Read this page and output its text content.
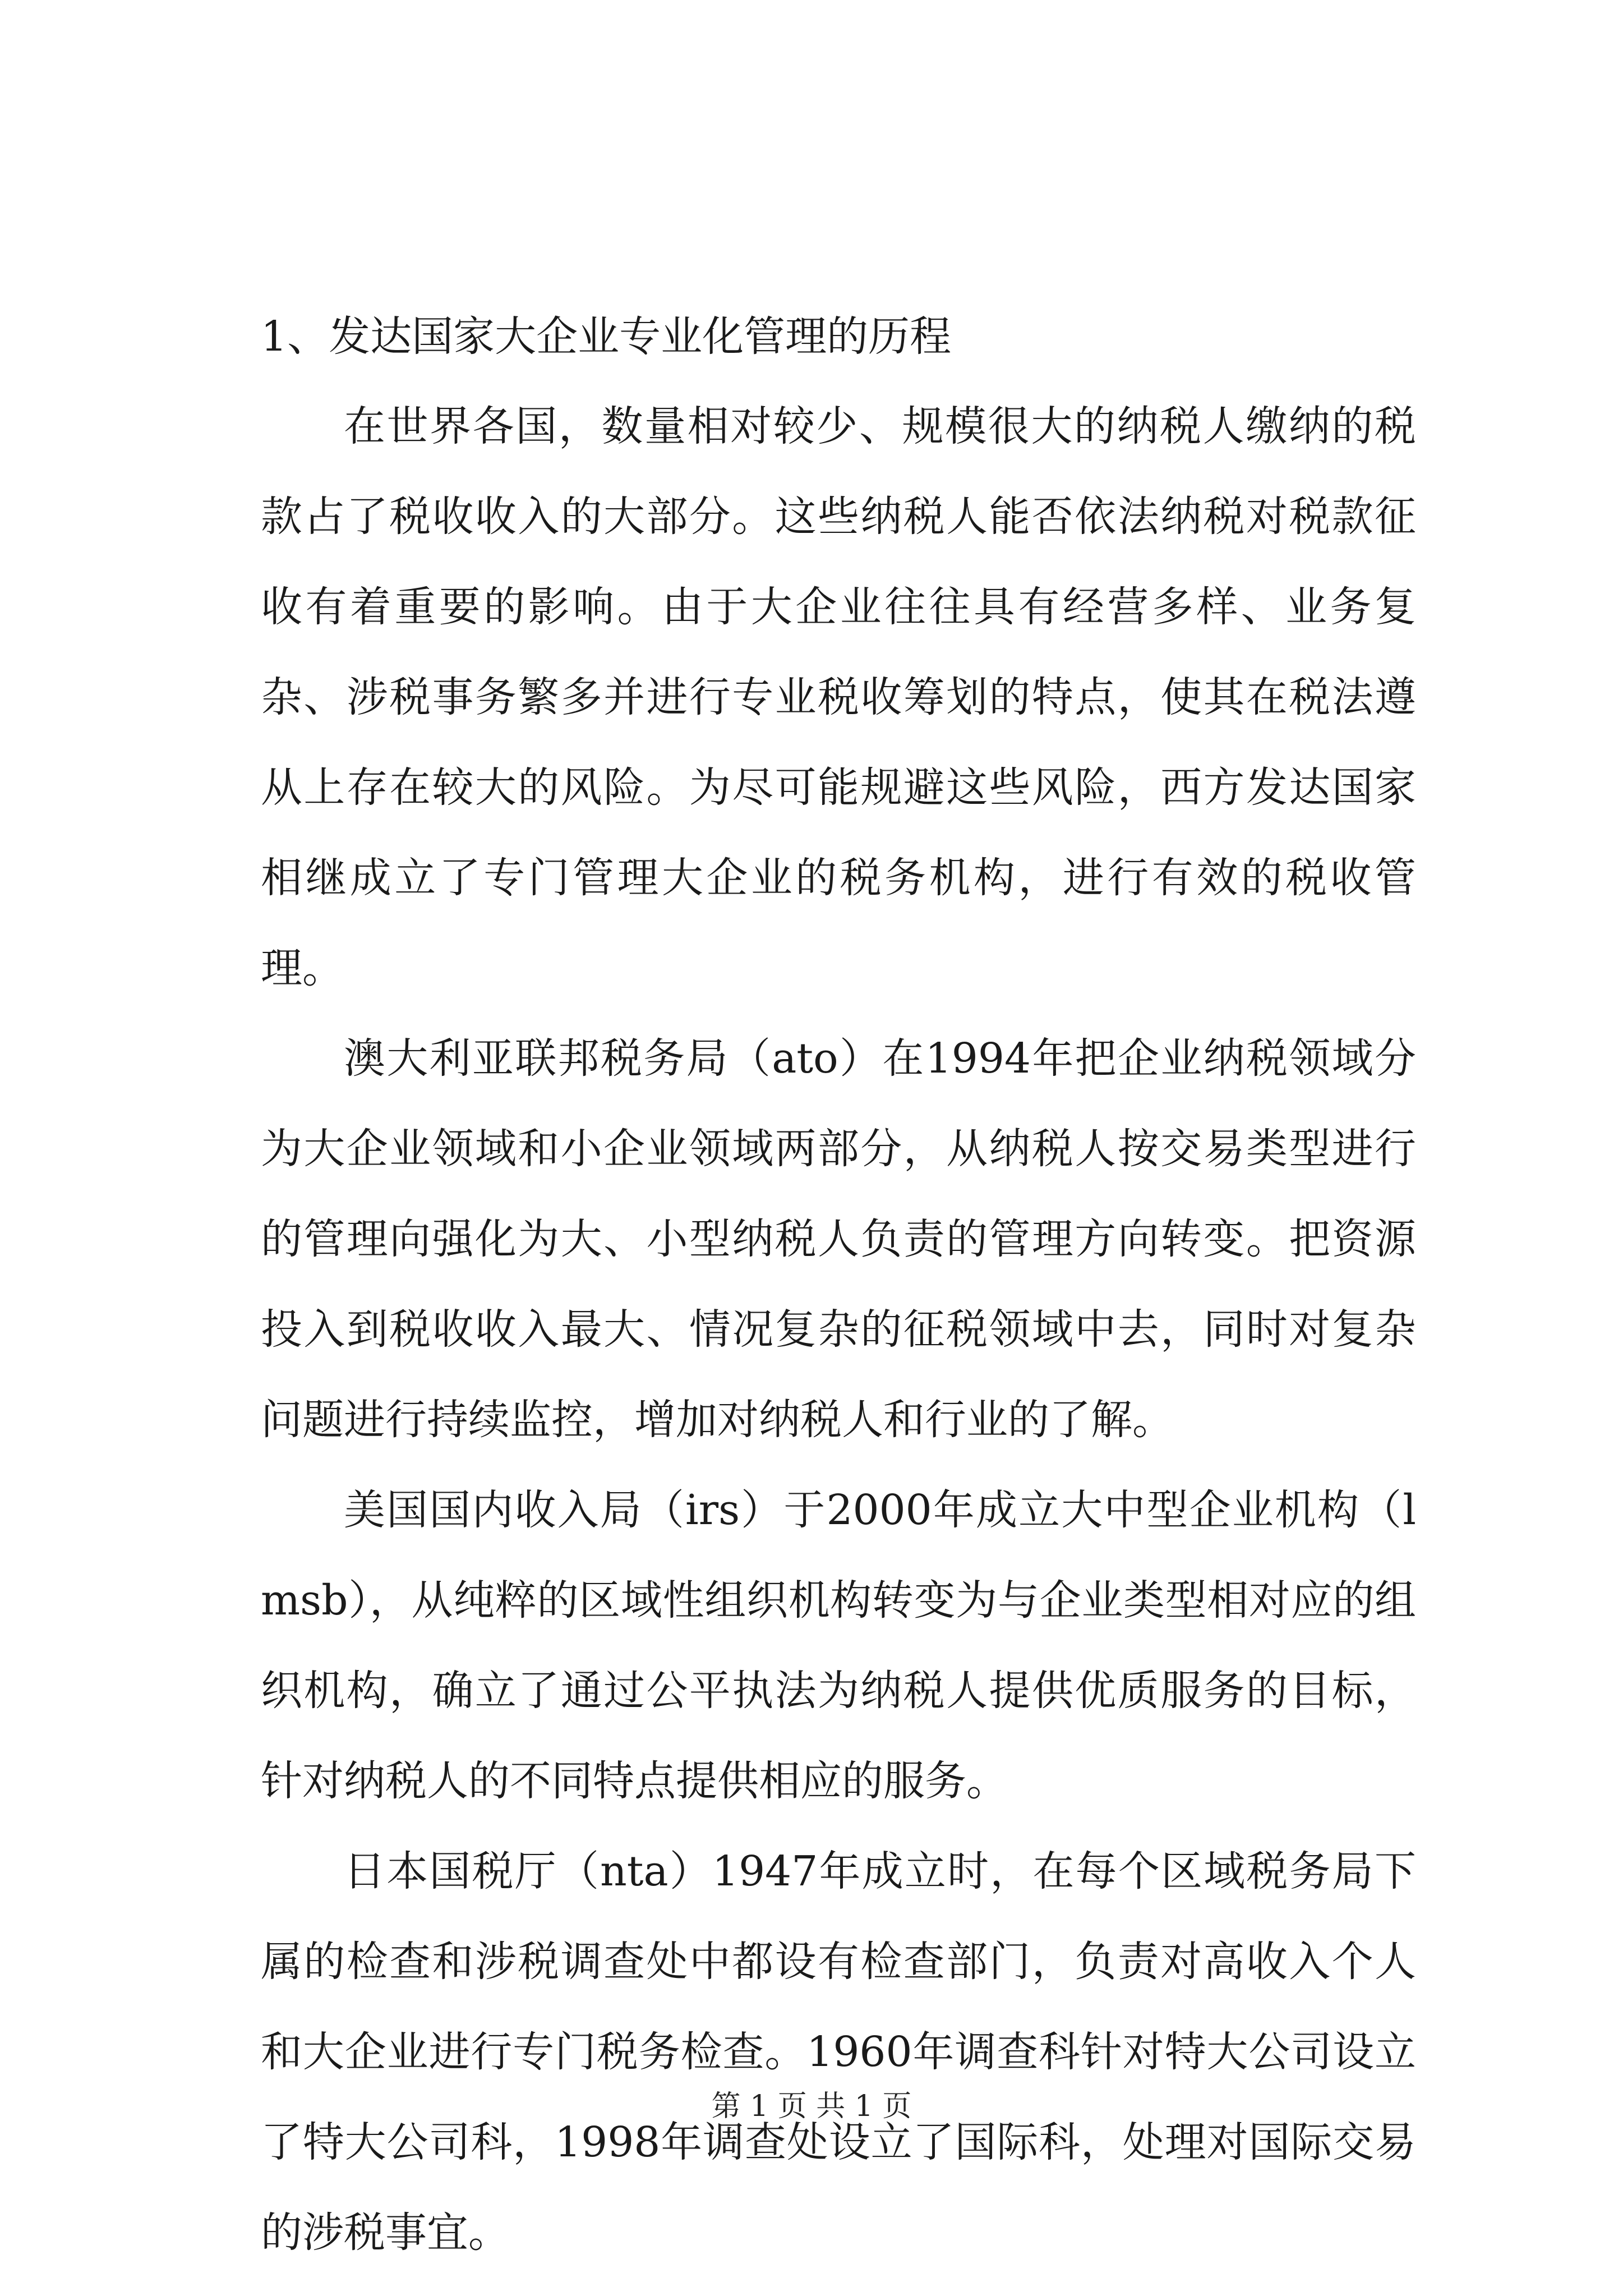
1、发达国家大企业专业化管理的历程

在世界各国，数量相对较少、规模很大的纳税人缴纳的税款占了税收收入的大部分。这些纳税人能否依法纳税对税款征收有着重要的影响。由于大企业往往具有经营多样、业务复杂、涉税事务繁多并进行专业税收筹划的特点，使其在税法遵从上存在较大的风险。为尽可能规避这些风险，西方发达国家相继成立了专门管理大企业的税务机构，进行有效的税收管理。

澳大利亚联邦税务局（ato）在1994年把企业纳税领域分为大企业领域和小企业领域两部分，从纳税人按交易类型进行的管理向强化为大、小型纳税人负责的管理方向转变。把资源投入到税收收入最大、情况复杂的征税领域中去，同时对复杂问题进行持续监控，增加对纳税人和行业的了解。

美国国内收入局（irs）于2000年成立大中型企业机构（lmsb），从纯粹的区域性组织机构转变为与企业类型相对应的组织机构，确立了通过公平执法为纳税人提供优质服务的目标，针对纳税人的不同特点提供相应的服务。

日本国税厅（nta）1947年成立时，在每个区域税务局下属的检查和涉税调查处中都设有检查部门，负责对高收入个人和大企业进行专门税务检查。1960年调查科针对特大公司设立了特大公司科，1998年调查处设立了国际科，处理对国际交易的涉税事宜。

第 1 页 共 1 页
